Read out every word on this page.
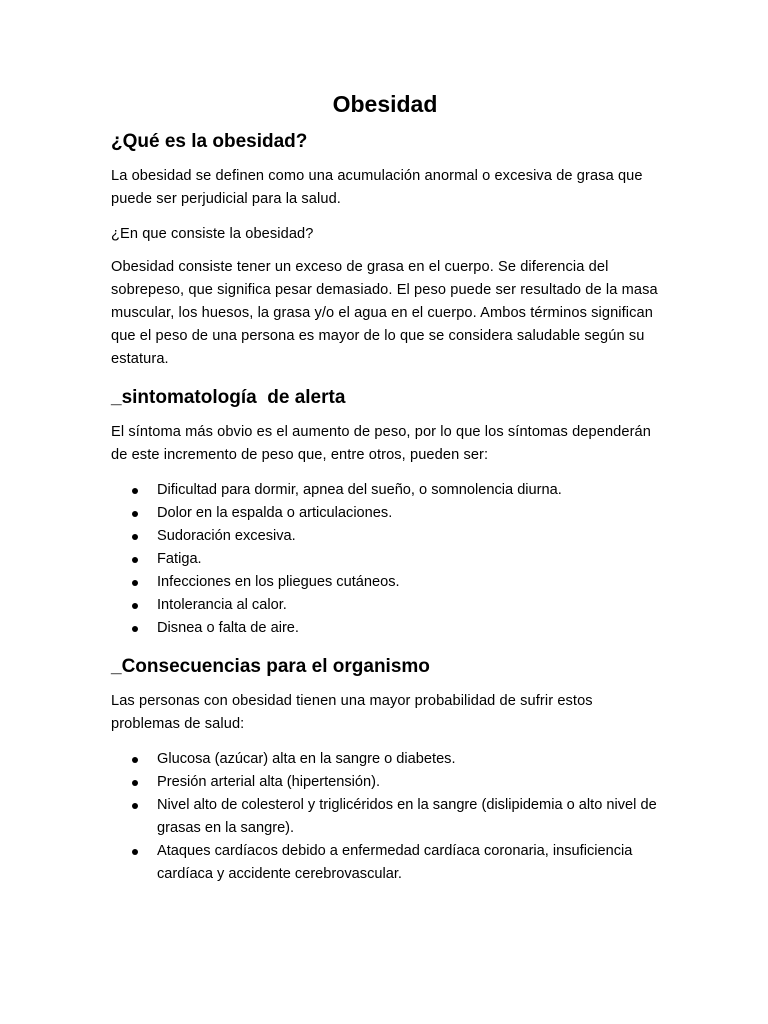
Obesidad
¿Qué es la obesidad?

La obesidad se definen como una acumulación anormal o excesiva de grasa que puede ser perjudicial para la salud.

¿En que consiste la obesidad?

Obesidad consiste tener un exceso de grasa en el cuerpo. Se diferencia del sobrepeso, que significa pesar demasiado. El peso puede ser resultado de la masa muscular, los huesos, la grasa y/o el agua en el cuerpo. Ambos términos significan que el peso de una persona es mayor de lo que se considera saludable según su estatura.

_sintomatología  de alerta

El síntoma más obvio es el aumento de peso, por lo que los síntomas dependerán de este incremento de peso que, entre otros, pueden ser:

Dificultad para dormir, apnea del sueño, o somnolencia diurna.
Dolor en la espalda o articulaciones.
Sudoración excesiva.
Fatiga.
Infecciones en los pliegues cutáneos.
Intolerancia al calor.
Disnea o falta de aire.
_Consecuencias para el organismo

Las personas con obesidad tienen una mayor probabilidad de sufrir estos problemas de salud:

Glucosa (azúcar) alta en la sangre o diabetes.
Presión arterial alta (hipertensión).
Nivel alto de colesterol y triglicéridos en la sangre (dislipidemia o alto nivel de grasas en la sangre).
Ataques cardíacos debido a enfermedad cardíaca coronaria, insuficiencia cardíaca y accidente cerebrovascular.
